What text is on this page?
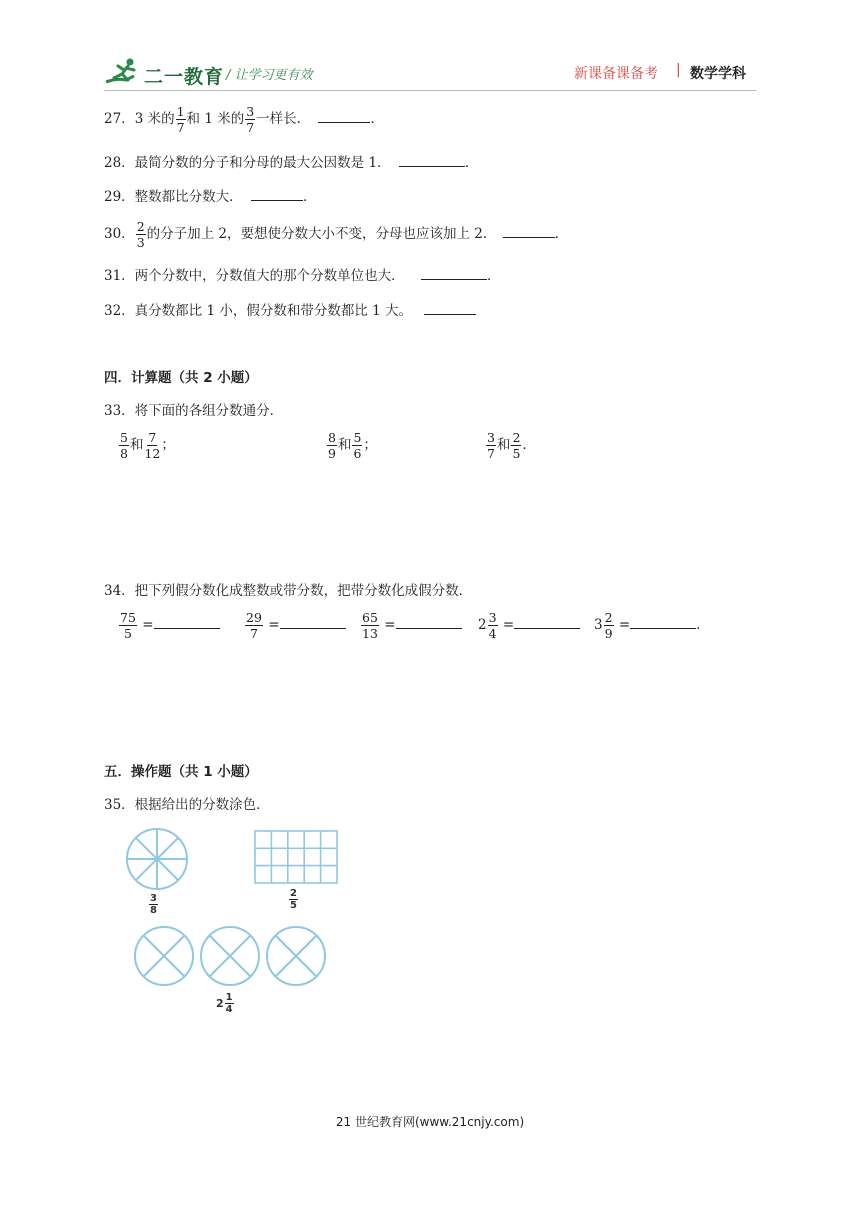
二一教育 / 让学习更有效	新课备课备考 | 数学学科
27．3 米的 $\frac{1}{7}$ 和 1 米的 $\frac{3}{7}$ 一样长．	．
28．最简分数的分子和分母的最大公因数是 1．	．
29．整数都比分数大．	．
30． $\frac{2}{3}$ 的分子加上 2，要想使分数大小不变，分母也应该加上 2．	．
31．两个分数中，分数值大的那个分数单位也大．	．
32．真分数都比 1 小，假分数和带分数都比 1 大。
四．计算题（共 2 小题）
33．将下面的各组分数通分．
$\frac{5}{8}$ 和 $\frac{7}{12}$ ；	$\frac{8}{9}$ 和 $\frac{5}{6}$ ；	$\frac{3}{7}$ 和 $\frac{2}{5}$ ．
34．把下列假分数化成整数或带分数，把带分数化成假分数．
$\frac{75}{5}$ =	$\frac{29}{7}$ =	$\frac{65}{13}$ =	$2 \frac{3}{4}$ =	$3 \frac{2}{9}$ =	．
五．操作题（共 1 小题）
35．根据给出的分数涂色．
$\frac{3}{8}$	$\frac{2}{5}$
$2 \frac{1}{4}$
21 世纪教育网(www.21cnjy.com)
